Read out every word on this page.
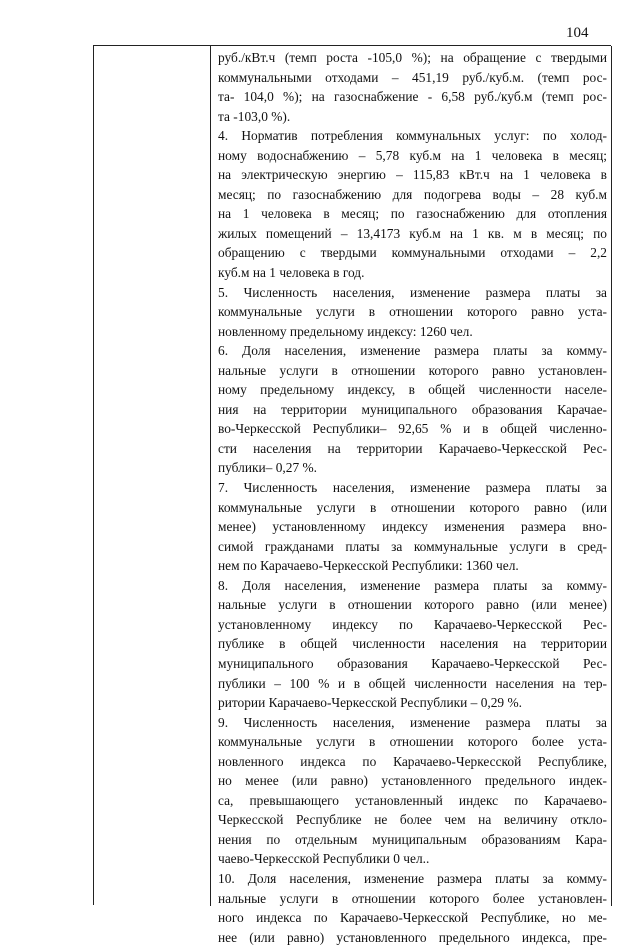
104
руб./кВт.ч (темп роста -105,0 %); на обращение с твердыми
коммунальными отходами – 451,19 руб./куб.м. (темп рос-
та- 104,0 %); на газоснабжение - 6,58 руб./куб.м (темп рос-
та -103,0 %).
4. Норматив потребления коммунальных услуг: по холод-
ному водоснабжению – 5,78 куб.м на 1 человека в месяц;
на электрическую энергию – 115,83 кВт.ч на 1 человека в
месяц; по газоснабжению для подогрева воды – 28 куб.м
на 1 человека в месяц; по газоснабжению для отопления
жилых помещений – 13,4173 куб.м на 1 кв. м в месяц; по
обращению с твердыми коммунальными отходами – 2,2
куб.м на 1 человека в год.
5. Численность населения, изменение размера платы за
коммунальные услуги в отношении которого равно уста-
новленному предельному индексу: 1260 чел.
6. Доля населения, изменение размера платы за комму-
нальные услуги в отношении которого равно установлен-
ному предельному индексу, в общей численности населе-
ния на территории муниципального образования Карачае-
во-Черкесской Республики– 92,65 % и в общей численно-
сти населения на территории Карачаево-Черкесской Рес-
публики– 0,27 %.
7. Численность населения, изменение размера платы за
коммунальные услуги в отношении которого равно (или
менее) установленному индексу изменения размера вно-
симой гражданами платы за коммунальные услуги в сред-
нем по Карачаево-Черкесской Республики: 1360 чел.
8. Доля населения, изменение размера платы за комму-
нальные услуги в отношении которого равно (или менее)
установленному индексу по Карачаево-Черкесской Рес-
публике в общей численности населения на территории
муниципального образования Карачаево-Черкесской Рес-
публики – 100 % и в общей численности населения на тер-
ритории Карачаево-Черкесской Республики – 0,29 %.
9. Численность населения, изменение размера платы за
коммунальные услуги в отношении которого более уста-
новленного индекса по Карачаево-Черкесской Республике,
но менее (или равно) установленного предельного индек-
са, превышающего установленный индекс по Карачаево-
Черкесской Республике не более чем на величину откло-
нения по отдельным муниципальным образованиям Кара-
чаево-Черкесской Республики 0 чел..
10. Доля населения, изменение размера платы за комму-
нальные услуги в отношении которого более установлен-
ного индекса по Карачаево-Черкесской Республике, но ме-
нее (или равно) установленного предельного индекса, пре-
